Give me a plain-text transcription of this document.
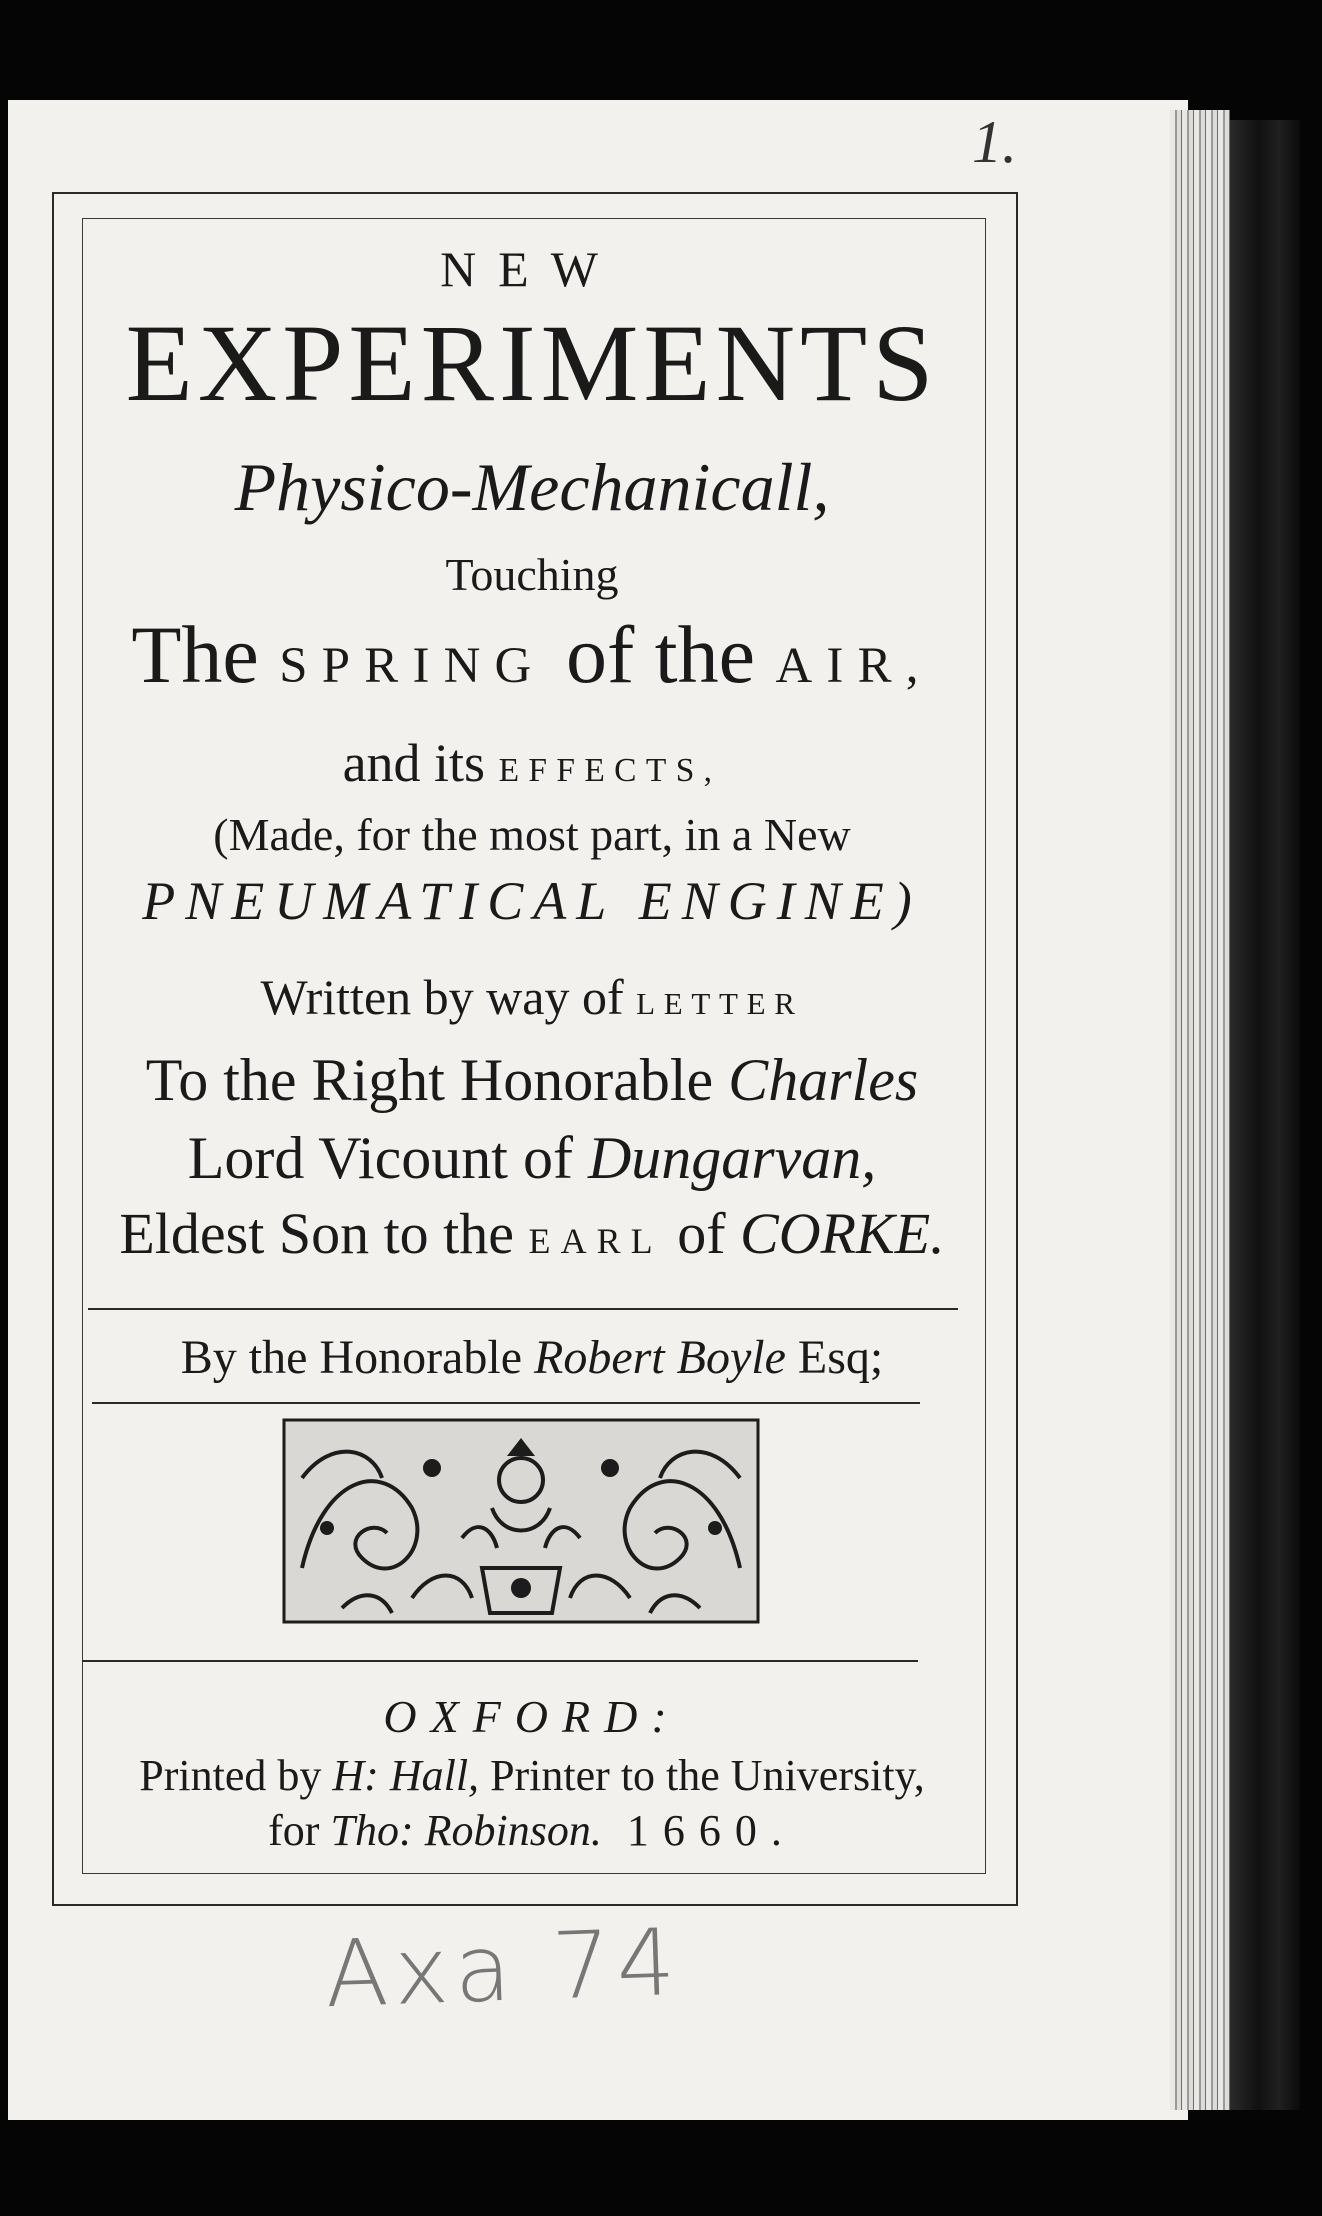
1.
NEW
EXPERIMENTS
Physico-Mechanicall,
Touching
The SPRING of the AIR,
and its EFFECTS,
(Made, for the most part, in a New
PNEUMATICAL ENGINE)
Written by way of LETTER
To the Right Honorable Charles
Lord Vicount of Dungarvan,
Eldest Son to the EARL of CORKE.
By the Honorable Robert Boyle Esq;
OXFORD:
Printed by H: Hall, Printer to the University,
for Tho: Robinson. 1660.
Axa 74
